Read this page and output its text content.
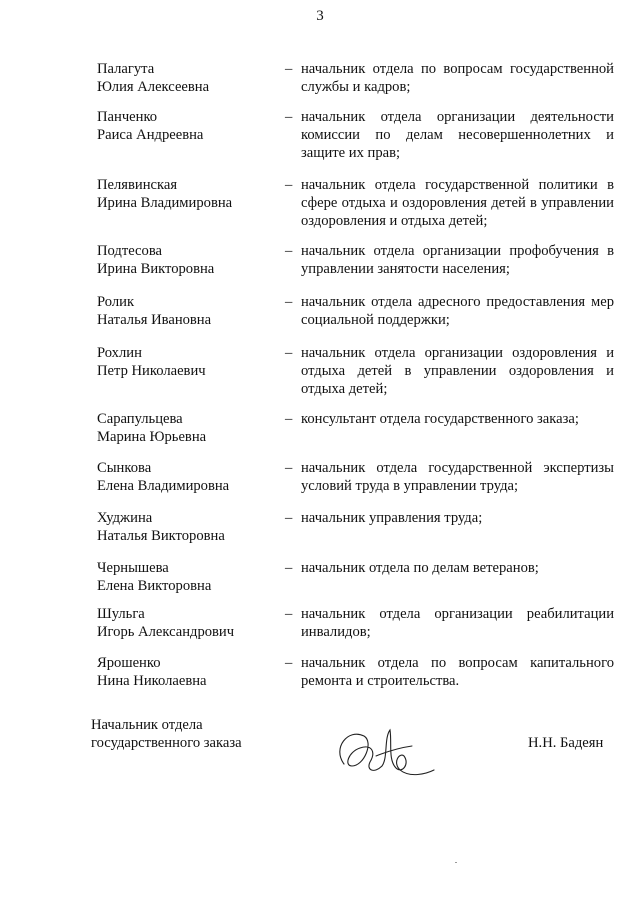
3
Палагута
Юлия Алексеевна
– начальник отдела по вопросам государственной службы и кадров;
Панченко
Раиса Андреевна
– начальник отдела организации деятельности комиссии по делам несовершеннолетних и защите их прав;
Пелявинская
Ирина Владимировна
– начальник отдела государственной политики в сфере отдыха и оздоровления детей в управлении оздоровления и отдыха детей;
Подтесова
Ирина Викторовна
– начальник отдела организации профобучения в управлении занятости населения;
Ролик
Наталья Ивановна
– начальник отдела адресного предоставления мер социальной поддержки;
Рохлин
Петр Николаевич
– начальник отдела организации оздоровления и отдыха детей в управлении оздоровления и отдыха детей;
Сарапульцева
Марина Юрьевна
– консультант отдела государственного заказа;
Сынкова
Елена Владимировна
– начальник отдела государственной экспертизы условий труда в управлении труда;
Худжина
Наталья Викторовна
– начальник управления труда;
Чернышева
Елена Викторовна
– начальник отдела по делам ветеранов;
Шульга
Игорь Александрович
– начальник отдела организации реабилитации инвалидов;
Ярошенко
Нина Николаевна
– начальник отдела по вопросам капитального ремонта и строительства.
Начальник отдела
государственного заказа	Н.Н. Бадеян
